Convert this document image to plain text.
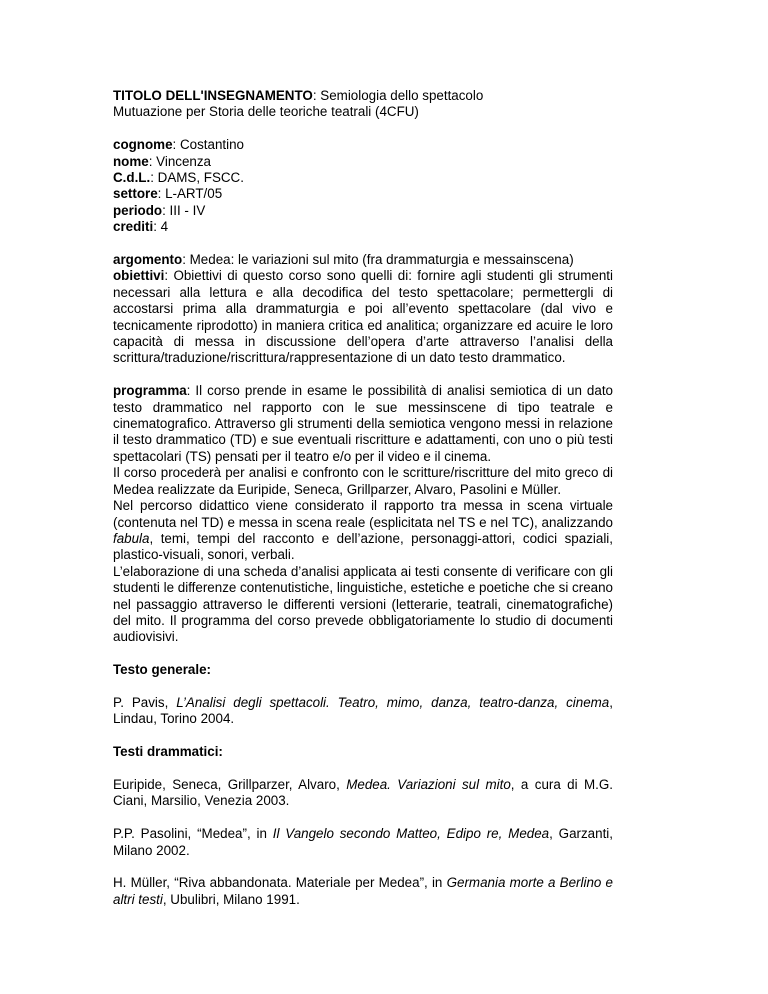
TITOLO DELL'INSEGNAMENTO: Semiologia dello spettacolo

Mutuazione per Storia delle teoriche teatrali (4CFU)

cognome: Costantino

nome: Vincenza

C.d.L.: DAMS, FSCC.

settore: L-ART/05

periodo: III - IV

crediti: 4

argomento: Medea: le variazioni sul mito (fra drammaturgia e messainscena)

obiettivi: Obiettivi di questo corso sono quelli di: fornire agli studenti gli strumenti necessari alla lettura e alla decodifica del testo spettacolare; permettergli di accostarsi prima alla drammaturgia e poi all’evento spettacolare (dal vivo e tecnicamente riprodotto) in maniera critica ed analitica; organizzare ed acuire le loro capacità di messa in discussione dell’opera d’arte attraverso l’analisi della scrittura/traduzione/riscrittura/rappresentazione di un dato testo drammatico.

programma: Il corso prende in esame le possibilità di analisi semiotica di un dato testo drammatico nel rapporto con le sue messinscene di tipo teatrale e cinematografico. Attraverso gli strumenti della semiotica vengono messi in relazione il testo drammatico (TD) e sue eventuali riscritture e adattamenti, con uno o più testi spettacolari (TS) pensati per il teatro e/o per il video e il cinema.

Il corso procederà per analisi e confronto con le scritture/riscritture del mito greco di Medea realizzate da Euripide, Seneca, Grillparzer, Alvaro, Pasolini e Müller.

Nel percorso didattico viene considerato il rapporto tra messa in scena virtuale (contenuta nel TD) e messa in scena reale (esplicitata nel TS e nel TC), analizzando fabula, temi, tempi del racconto e dell’azione, personaggi-attori, codici spaziali, plastico-visuali, sonori, verbali.

L’elaborazione di una scheda d’analisi applicata ai testi consente di verificare con gli studenti le differenze contenutistiche, linguistiche, estetiche e poetiche che si creano nel passaggio attraverso le differenti versioni (letterarie, teatrali, cinematografiche) del mito. Il programma del corso prevede obbligatoriamente lo studio di documenti audiovisivi.

Testo generale:

P. Pavis, L’Analisi degli spettacoli. Teatro, mimo, danza, teatro-danza, cinema, Lindau, Torino 2004.

Testi drammatici:

Euripide, Seneca, Grillparzer, Alvaro, Medea. Variazioni sul mito, a cura di M.G. Ciani, Marsilio, Venezia 2003.

P.P. Pasolini, “Medea”, in Il Vangelo secondo Matteo, Edipo re, Medea, Garzanti, Milano 2002.

H. Müller, “Riva abbandonata. Materiale per Medea”, in Germania morte a Berlino e altri testi, Ubulibri, Milano 1991.
